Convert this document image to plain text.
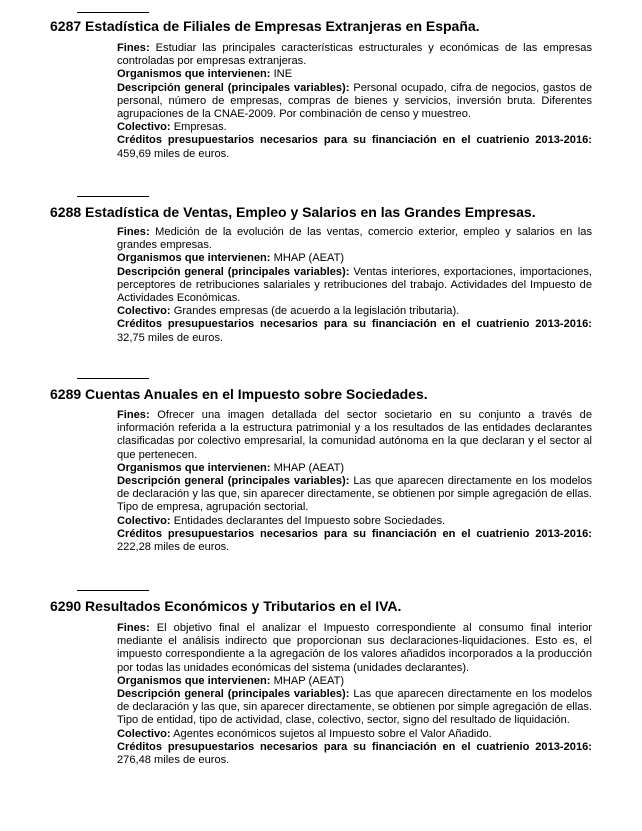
6287 Estadística de Filiales de Empresas Extranjeras en España.

Fines: Estudiar las principales características estructurales y económicas de las empresas controladas por empresas extranjeras.

Organismos que intervienen: INE

Descripción general (principales variables): Personal ocupado, cifra de negocios, gastos de personal, número de empresas, compras de bienes y servicios, inversión bruta. Diferentes agrupaciones de la CNAE-2009. Por combinación de censo y muestreo.

Colectivo: Empresas.

Créditos presupuestarios necesarios para su financiación en el cuatrienio 2013-2016: 459,69 miles de euros.

6288 Estadística de Ventas, Empleo y Salarios en las Grandes Empresas.

Fines: Medición de la evolución de las ventas, comercio exterior, empleo y salarios en las grandes empresas.

Organismos que intervienen: MHAP (AEAT)

Descripción general (principales variables): Ventas interiores, exportaciones, importaciones, perceptores de retribuciones salariales y retribuciones del trabajo. Actividades del Impuesto de Actividades Económicas.

Colectivo: Grandes empresas (de acuerdo a la legislación tributaria).

Créditos presupuestarios necesarios para su financiación en el cuatrienio 2013-2016: 32,75 miles de euros.

6289 Cuentas Anuales en el Impuesto sobre Sociedades.

Fines: Ofrecer una imagen detallada del sector societario en su conjunto a través de información referida a la estructura patrimonial y a los resultados de las entidades declarantes clasificadas por colectivo empresarial, la comunidad autónoma en la que declaran y el sector al que pertenecen.

Organismos que intervienen: MHAP (AEAT)

Descripción general (principales variables): Las que aparecen directamente en los modelos de declaración y las que, sin aparecer directamente, se obtienen por simple agregación de ellas. Tipo de empresa, agrupación sectorial.

Colectivo: Entidades declarantes del Impuesto sobre Sociedades.

Créditos presupuestarios necesarios para su financiación en el cuatrienio 2013-2016: 222,28 miles de euros.

6290 Resultados Económicos y Tributarios en el IVA.

Fines: El objetivo final el analizar el Impuesto correspondiente al consumo final interior mediante el análisis indirecto que proporcionan sus declaraciones-liquidaciones. Esto es, el impuesto correspondiente a la agregación de los valores añadidos incorporados a la producción por todas las unidades económicas del sistema (unidades declarantes).

Organismos que intervienen: MHAP (AEAT)

Descripción general (principales variables): Las que aparecen directamente en los modelos de declaración y las que, sin aparecer directamente, se obtienen por simple agregación de ellas. Tipo de entidad, tipo de actividad, clase, colectivo, sector, signo del resultado de liquidación.

Colectivo: Agentes económicos sujetos al Impuesto sobre el Valor Añadido.

Créditos presupuestarios necesarios para su financiación en el cuatrienio 2013-2016: 276,48 miles de euros.
